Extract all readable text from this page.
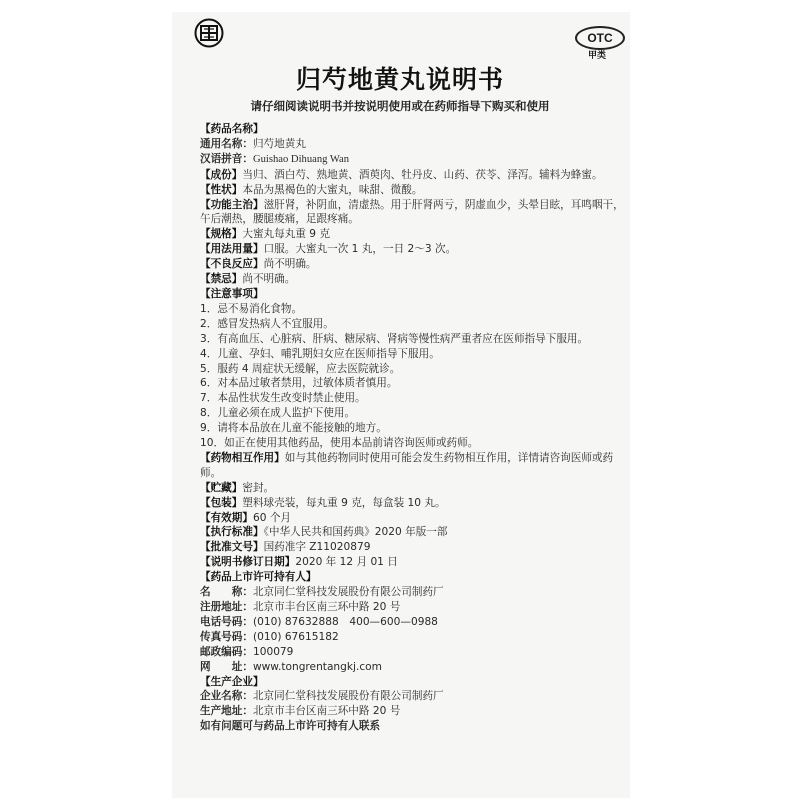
OTC
甲类
归芍地黄丸说明书
请仔细阅读说明书并按说明使用或在药师指导下购买和使用
【药品名称】
通用名称：归芍地黄丸
汉语拼音：Guishao Dihuang Wan
【成份】当归、酒白芍、熟地黄、酒萸肉、牡丹皮、山药、茯苓、泽泻。辅料为蜂蜜。
【性状】本品为黑褐色的大蜜丸，味甜、微酸。
【功能主治】滋肝肾，补阴血，清虚热。用于肝肾两亏，阴虚血少，头晕目眩，耳鸣咽干，午后潮热，腰腿痠痛，足跟疼痛。
【规格】大蜜丸每丸重 9 克
【用法用量】口服。大蜜丸一次 1 丸，一日 2～3 次。
【不良反应】尚不明确。
【禁忌】尚不明确。
【注意事项】
1．忌不易消化食物。
2．感冒发热病人不宜服用。
3．有高血压、心脏病、肝病、糖尿病、肾病等慢性病严重者应在医师指导下服用。
4．儿童、孕妇、哺乳期妇女应在医师指导下服用。
5．服药 4 周症状无缓解，应去医院就诊。
6．对本品过敏者禁用，过敏体质者慎用。
7．本品性状发生改变时禁止使用。
8．儿童必须在成人监护下使用。
9．请将本品放在儿童不能接触的地方。
10．如正在使用其他药品，使用本品前请咨询医师或药师。
【药物相互作用】如与其他药物同时使用可能会发生药物相互作用，详情请咨询医师或药师。
【贮藏】密封。
【包装】塑料球壳装，每丸重 9 克，每盒装 10 丸。
【有效期】60 个月
【执行标准】《中华人民共和国药典》2020 年版一部
【批准文号】国药准字 Z11020879
【说明书修订日期】2020 年 12 月 01 日
【药品上市许可持有人】
名　　称：北京同仁堂科技发展股份有限公司制药厂
注册地址：北京市丰台区南三环中路 20 号
电话号码：(010) 87632888　400—600—0988
传真号码：(010) 67615182
邮政编码：100079
网　　址：www.tongrentangkj.com
【生产企业】
企业名称：北京同仁堂科技发展股份有限公司制药厂
生产地址：北京市丰台区南三环中路 20 号
如有问题可与药品上市许可持有人联系
